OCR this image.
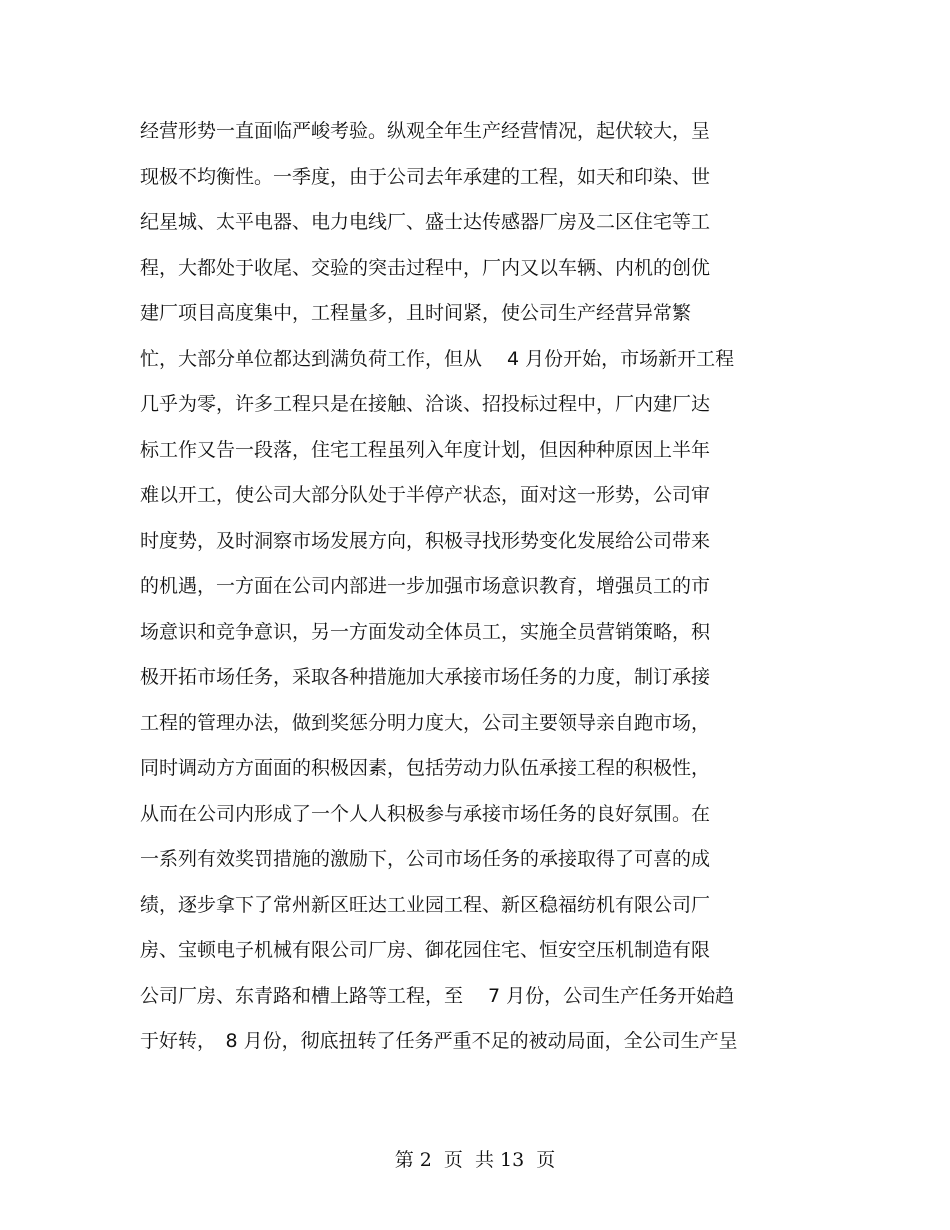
经营形势一直面临严峻考验。纵观全年生产经营情况，起伏较大，呈
现极不均衡性。一季度，由于公司去年承建的工程，如天和印染、世
纪星城、太平电器、电力电线厂、盛士达传感器厂房及二区住宅等工
程，大都处于收尾、交验的突击过程中，厂内又以车辆、内机的创优
建厂项目高度集中，工程量多，且时间紧，使公司生产经营异常繁
忙，大部分单位都达到满负荷工作，但从　 4 月份开始，市场新开工程
几乎为零，许多工程只是在接触、洽谈、招投标过程中，厂内建厂达
标工作又告一段落，住宅工程虽列入年度计划，但因种种原因上半年
难以开工，使公司大部分队处于半停产状态，面对这一形势，公司审
时度势，及时洞察市场发展方向，积极寻找形势变化发展给公司带来
的机遇，一方面在公司内部进一步加强市场意识教育，增强员工的市
场意识和竞争意识，另一方面发动全体员工，实施全员营销策略，积
极开拓市场任务，采取各种措施加大承接市场任务的力度，制订承接
工程的管理办法，做到奖惩分明力度大，公司主要领导亲自跑市场，
同时调动方方面面的积极因素，包括劳动力队伍承接工程的积极性，
从而在公司内形成了一个人人积极参与承接市场任务的良好氛围。在
一系列有效奖罚措施的激励下，公司市场任务的承接取得了可喜的成
绩，逐步拿下了常州新区旺达工业园工程、新区稳福纺机有限公司厂
房、宝顿电子机械有限公司厂房、御花园住宅、恒安空压机制造有限
公司厂房、东青路和槽上路等工程，至　 7 月份，公司生产任务开始趋
于好转，　8 月份，彻底扭转了任务严重不足的被动局面，全公司生产呈
第 2  页  共 13  页
